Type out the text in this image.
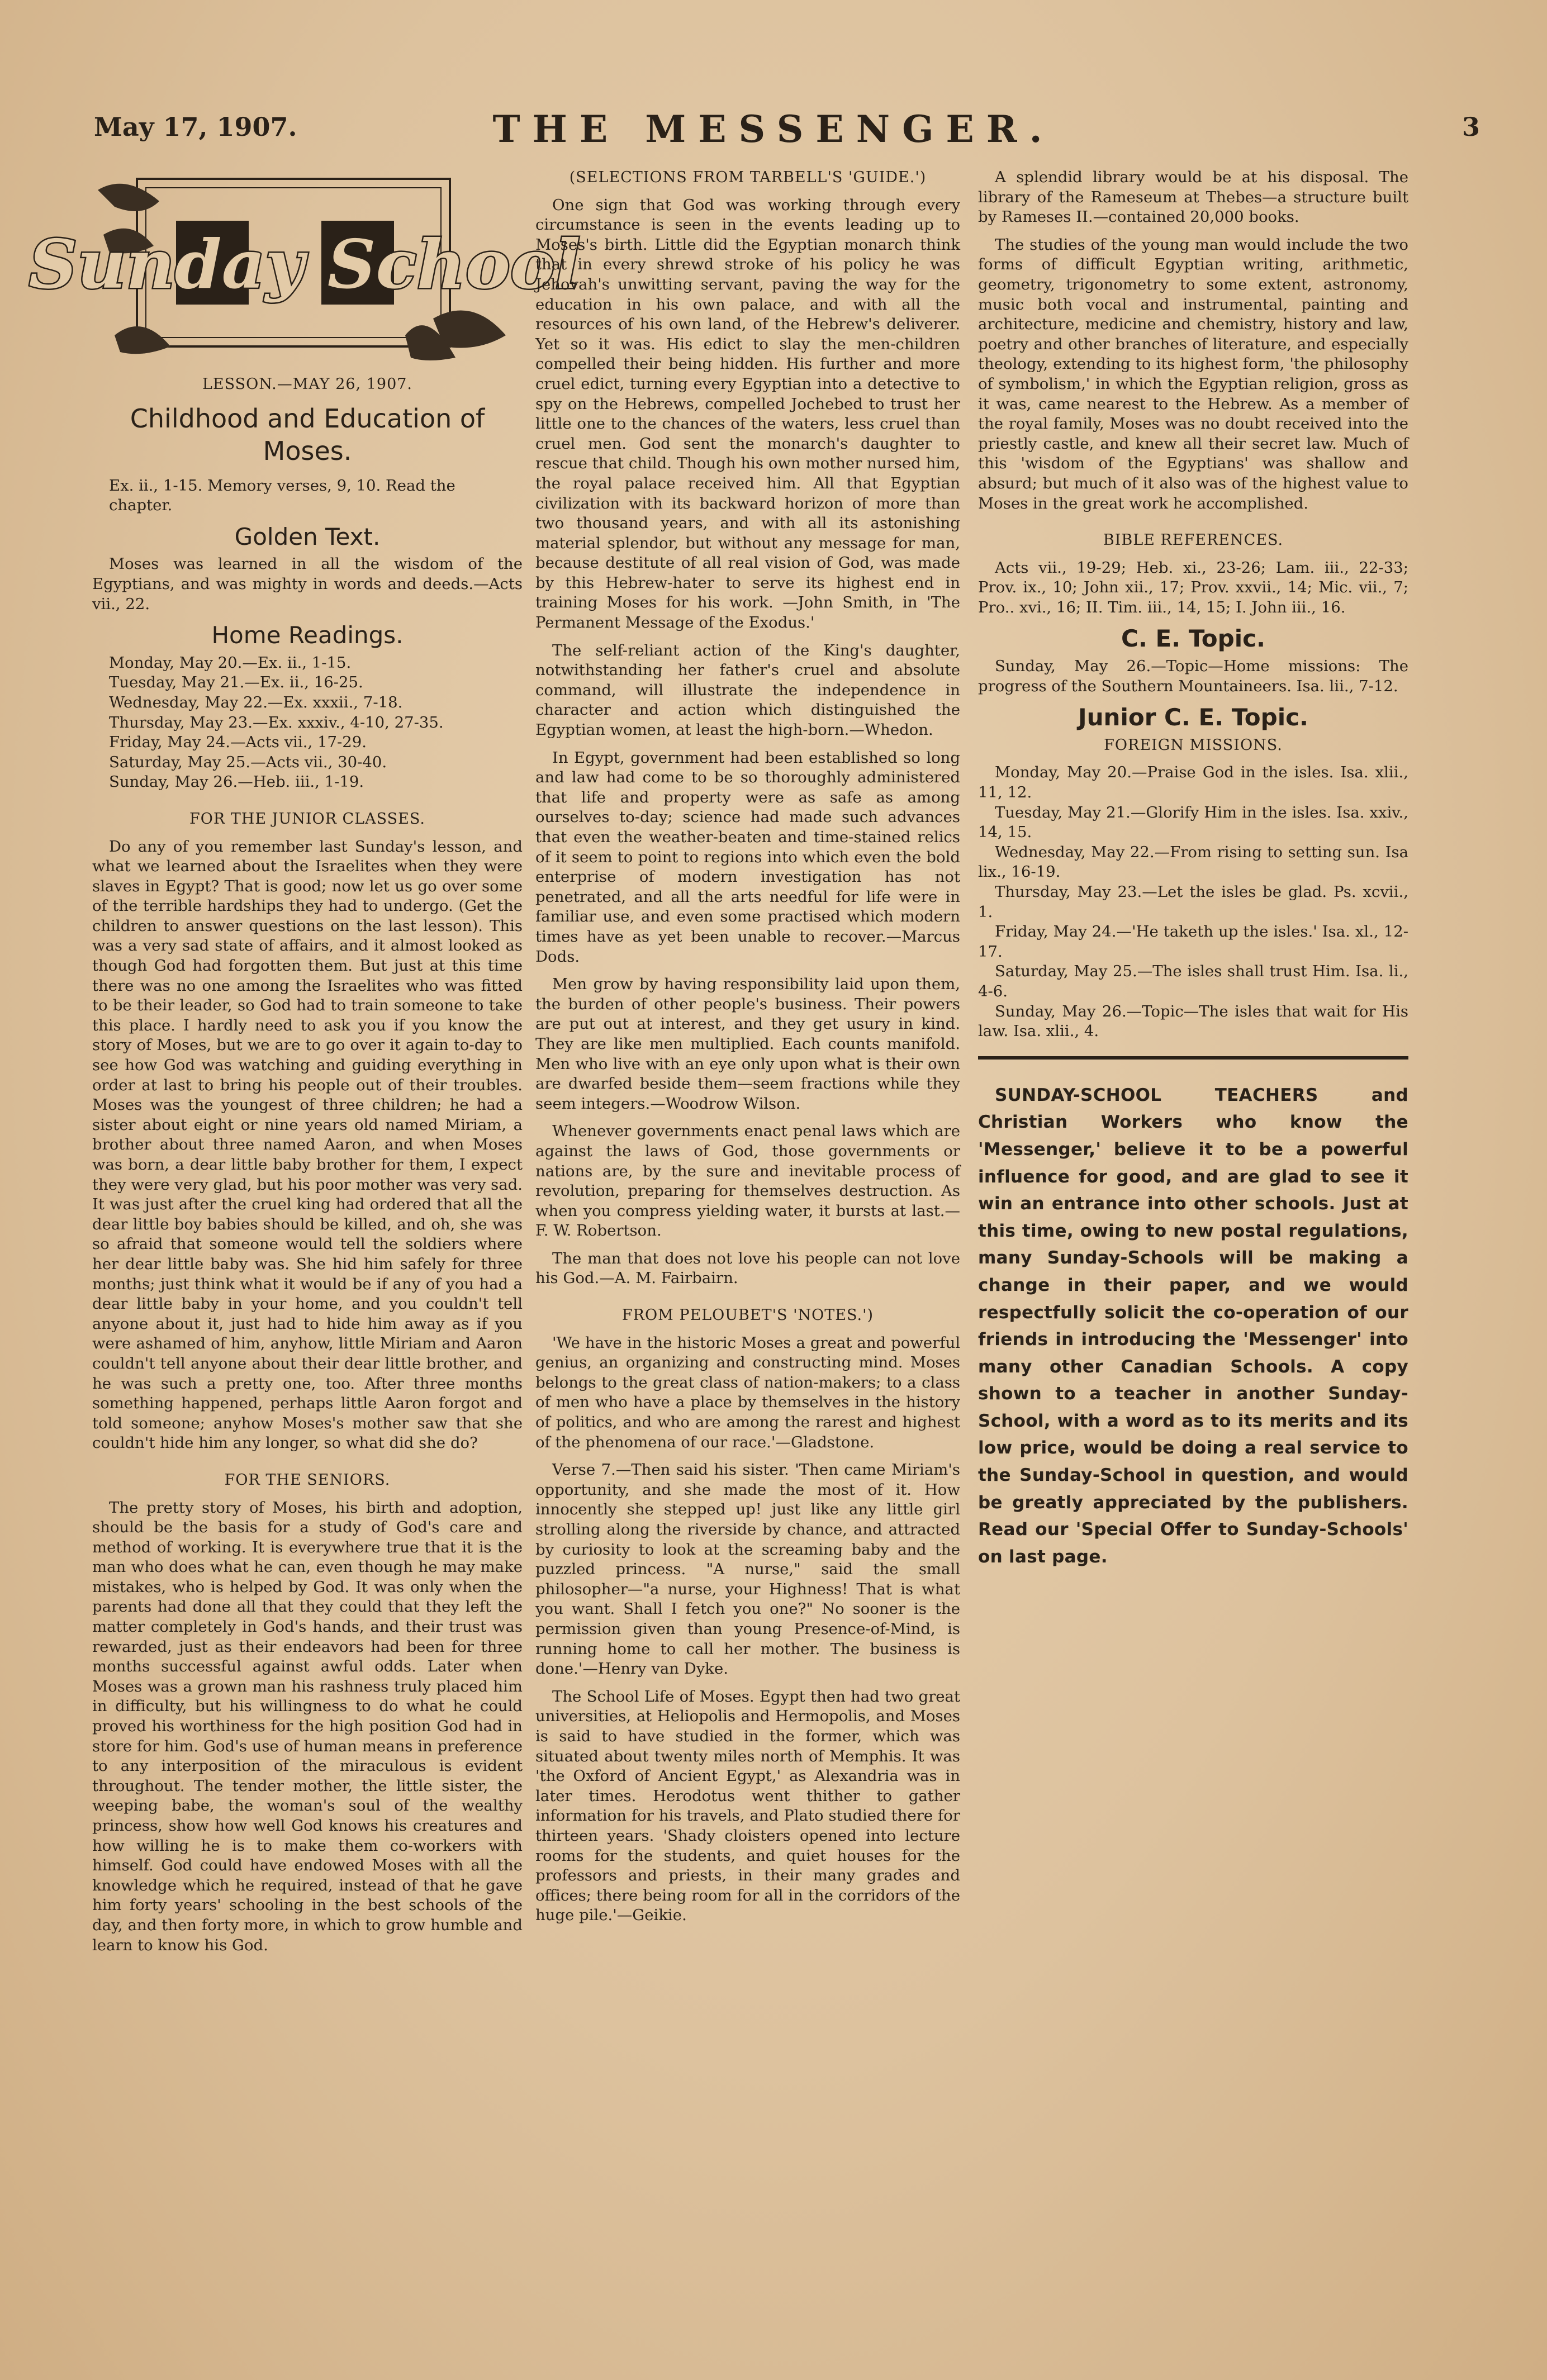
May 17, 1907.	THE MESSENGER.	3
Sunday School
LESSON.—MAY 26, 1907.
Childhood and Education of Moses.

Ex. ii., 1-15. Memory verses, 9, 10. Read the chapter.

Golden Text.

Moses was learned in all the wisdom of the Egyptians, and was mighty in words and deeds.—Acts vii., 22.

Home Readings.

Monday, May 20.—Ex. ii., 1-15.

Tuesday, May 21.—Ex. ii., 16-25.

Wednesday, May 22.—Ex. xxxii., 7-18.

Thursday, May 23.—Ex. xxxiv., 4-10, 27-35.

Friday, May 24.—Acts vii., 17-29.

Saturday, May 25.—Acts vii., 30-40.

Sunday, May 26.—Heb. iii., 1-19.

FOR THE JUNIOR CLASSES.

Do any of you remember last Sunday's lesson, and what we learned about the Israelites when they were slaves in Egypt? That is good; now let us go over some of the terrible hardships they had to undergo. (Get the children to answer questions on the last lesson). This was a very sad state of affairs, and it almost looked as though God had forgotten them. But just at this time there was no one among the Israelites who was fitted to be their leader, so God had to train someone to take this place. I hardly need to ask you if you know the story of Moses, but we are to go over it again to-day to see how God was watching and guiding everything in order at last to bring his people out of their troubles. Moses was the youngest of three children; he had a sister about eight or nine years old named Miriam, a brother about three named Aaron, and when Moses was born, a dear little baby brother for them, I expect they were very glad, but his poor mother was very sad. It was just after the cruel king had ordered that all the dear little boy babies should be killed, and oh, she was so afraid that someone would tell the soldiers where her dear little baby was. She hid him safely for three months; just think what it would be if any of you had a dear little baby in your home, and you couldn't tell anyone about it, just had to hide him away as if you were ashamed of him, anyhow, little Miriam and Aaron couldn't tell anyone about their dear little brother, and he was such a pretty one, too. After three months something happened, perhaps little Aaron forgot and told someone; anyhow Moses's mother saw that she couldn't hide him any longer, so what did she do?

FOR THE SENIORS.

The pretty story of Moses, his birth and adoption, should be the basis for a study of God's care and method of working. It is everywhere true that it is the man who does what he can, even though he may make mistakes, who is helped by God. It was only when the parents had done all that they could that they left the matter completely in God's hands, and their trust was rewarded, just as their endeavors had been for three months successful against awful odds. Later when Moses was a grown man his rashness truly placed him in difficulty, but his willingness to do what he could proved his worthiness for the high position God had in store for him. God's use of human means in preference to any interposition of the miraculous is evident throughout. The tender mother, the little sister, the weeping babe, the woman's soul of the wealthy princess, show how well God knows his creatures and how willing he is to make them co-workers with himself. God could have endowed Moses with all the knowledge which he required, instead of that he gave him forty years' schooling in the best schools of the day, and then forty more, in which to grow humble and learn to know his God.

(SELECTIONS FROM TARBELL'S 'GUIDE.')

One sign that God was working through every circumstance is seen in the events leading up to Moses's birth. Little did the Egyptian monarch think that in every shrewd stroke of his policy he was Jehovah's unwitting servant, paving the way for the education in his own palace, and with all the resources of his own land, of the Hebrew's deliverer. Yet so it was. His edict to slay the men-children compelled their being hidden. His further and more cruel edict, turning every Egyptian into a detective to spy on the Hebrews, compelled Jochebed to trust her little one to the chances of the waters, less cruel than cruel men. God sent the monarch's daughter to rescue that child. Though his own mother nursed him, the royal palace received him. All that Egyptian civilization with its backward horizon of more than two thousand years, and with all its astonishing material splendor, but without any message for man, because destitute of all real vision of God, was made by this Hebrew-hater to serve its highest end in training Moses for his work. —John Smith, in 'The Permanent Message of the Exodus.'

The self-reliant action of the King's daughter, notwithstanding her father's cruel and absolute command, will illustrate the independence in character and action which distinguished the Egyptian women, at least the high-born.—Whedon.

In Egypt, government had been established so long and law had come to be so thoroughly administered that life and property were as safe as among ourselves to-day; science had made such advances that even the weather-beaten and time-stained relics of it seem to point to regions into which even the bold enterprise of modern investigation has not penetrated, and all the arts needful for life were in familiar use, and even some practised which modern times have as yet been unable to recover.—Marcus Dods.

Men grow by having responsibility laid upon them, the burden of other people's business. Their powers are put out at interest, and they get usury in kind. They are like men multiplied. Each counts manifold. Men who live with an eye only upon what is their own are dwarfed beside them—seem fractions while they seem integers.—Woodrow Wilson.

Whenever governments enact penal laws which are against the laws of God, those governments or nations are, by the sure and inevitable process of revolution, preparing for themselves destruction. As when you compress yielding water, it bursts at last.—F. W. Robertson.

The man that does not love his people can not love his God.—A. M. Fairbairn.

FROM PELOUBET'S 'NOTES.')

'We have in the historic Moses a great and powerful genius, an organizing and constructing mind. Moses belongs to the great class of nation-makers; to a class of men who have a place by themselves in the history of politics, and who are among the rarest and highest of the phenomena of our race.'—Gladstone.

Verse 7.—Then said his sister. 'Then came Miriam's opportunity, and she made the most of it. How innocently she stepped up! just like any little girl strolling along the riverside by chance, and attracted by curiosity to look at the screaming baby and the puzzled princess. "A nurse," said the small philosopher—"a nurse, your Highness! That is what you want. Shall I fetch you one?" No sooner is the permission given than young Presence-of-Mind, is running home to call her mother. The business is done.'—Henry van Dyke.

The School Life of Moses. Egypt then had two great universities, at Heliopolis and Hermopolis, and Moses is said to have studied in the former, which was situated about twenty miles north of Memphis. It was 'the Oxford of Ancient Egypt,' as Alexandria was in later times. Herodotus went thither to gather information for his travels, and Plato studied there for thirteen years. 'Shady cloisters opened into lecture rooms for the students, and quiet houses for the professors and priests, in their many grades and offices; there being room for all in the corridors of the huge pile.'—Geikie.

A splendid library would be at his disposal. The library of the Rameseum at Thebes—a structure built by Rameses II.—contained 20,000 books.

The studies of the young man would include the two forms of difficult Egyptian writing, arithmetic, geometry, trigonometry to some extent, astronomy, music both vocal and instrumental, painting and architecture, medicine and chemistry, history and law, poetry and other branches of literature, and especially theology, extending to its highest form, 'the philosophy of symbolism,' in which the Egyptian religion, gross as it was, came nearest to the Hebrew. As a member of the royal family, Moses was no doubt received into the priestly castle, and knew all their secret law. Much of this 'wisdom of the Egyptians' was shallow and absurd; but much of it also was of the highest value to Moses in the great work he accomplished.

BIBLE REFERENCES.

Acts vii., 19-29; Heb. xi., 23-26; Lam. iii., 22-33; Prov. ix., 10; John xii., 17; Prov. xxvii., 14; Mic. vii., 7; Pro.. xvi., 16; II. Tim. iii., 14, 15; I. John iii., 16.

C. E. Topic.

Sunday, May 26.—Topic—Home missions: The progress of the Southern Mountaineers. Isa. lii., 7-12.

Junior C. E. Topic.
FOREIGN MISSIONS.

Monday, May 20.—Praise God in the isles. Isa. xlii., 11, 12.

Tuesday, May 21.—Glorify Him in the isles. Isa. xxiv., 14, 15.

Wednesday, May 22.—From rising to setting sun. Isa lix., 16-19.

Thursday, May 23.—Let the isles be glad. Ps. xcvii., 1.

Friday, May 24.—'He taketh up the isles.' Isa. xl., 12-17.

Saturday, May 25.—The isles shall trust Him. Isa. li., 4-6.

Sunday, May 26.—Topic—The isles that wait for His law. Isa. xlii., 4.

SUNDAY-SCHOOL TEACHERS and Christian Workers who know the 'Messenger,' believe it to be a powerful influence for good, and are glad to see it win an entrance into other schools. Just at this time, owing to new postal regulations, many Sunday-Schools will be making a change in their paper, and we would respectfully solicit the co-operation of our friends in introducing the 'Messenger' into many other Canadian Schools. A copy shown to a teacher in another Sunday-School, with a word as to its merits and its low price, would be doing a real service to the Sunday-School in question, and would be greatly appreciated by the publishers. Read our 'Special Offer to Sunday-Schools' on last page.
